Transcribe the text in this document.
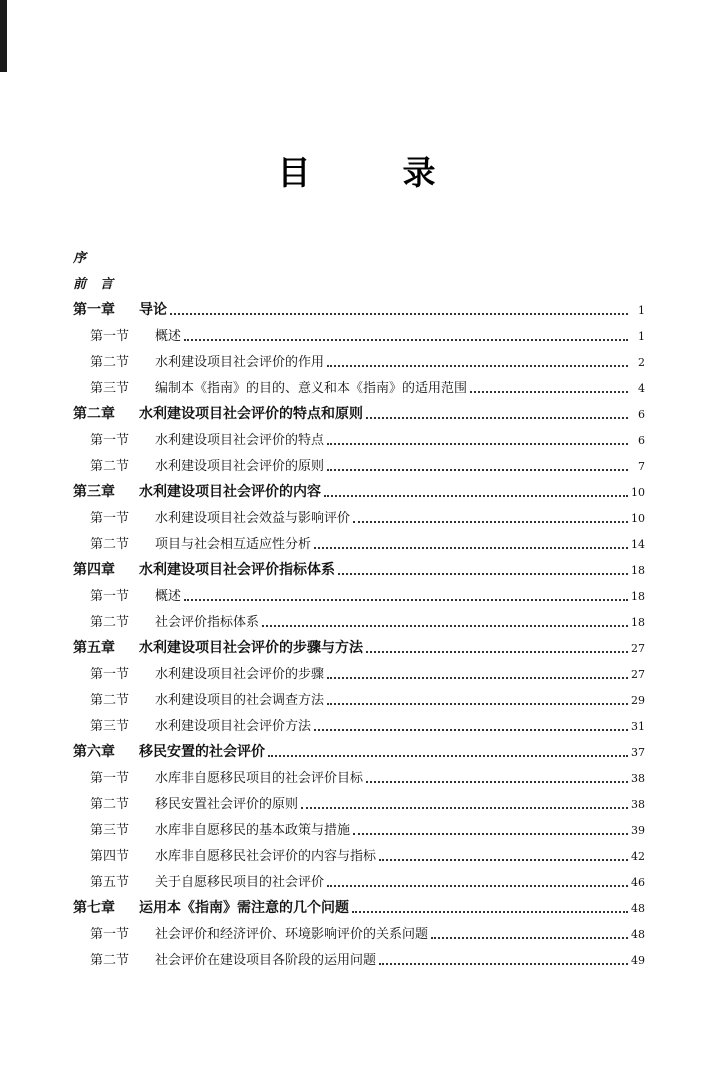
目	录
序
前言
第一章	导论	1
第一节	概述	1
第二节	水利建设项目社会评价的作用	2
第三节	编制本《指南》的目的、意义和本《指南》的适用范围	4
第二章	水利建设项目社会评价的特点和原则	6
第一节	水利建设项目社会评价的特点	6
第二节	水利建设项目社会评价的原则	7
第三章	水利建设项目社会评价的内容	10
第一节	水利建设项目社会效益与影响评价	10
第二节	项目与社会相互适应性分析	14
第四章	水利建设项目社会评价指标体系	18
第一节	概述	18
第二节	社会评价指标体系	18
第五章	水利建设项目社会评价的步骤与方法	27
第一节	水利建设项目社会评价的步骤	27
第二节	水利建设项目的社会调查方法	29
第三节	水利建设项目社会评价方法	31
第六章	移民安置的社会评价	37
第一节	水库非自愿移民项目的社会评价目标	38
第二节	移民安置社会评价的原则	38
第三节	水库非自愿移民的基本政策与措施	39
第四节	水库非自愿移民社会评价的内容与指标	42
第五节	关于自愿移民项目的社会评价	46
第七章	运用本《指南》需注意的几个问题	48
第一节	社会评价和经济评价、环境影响评价的关系问题	48
第二节	社会评价在建设项目各阶段的运用问题	49
